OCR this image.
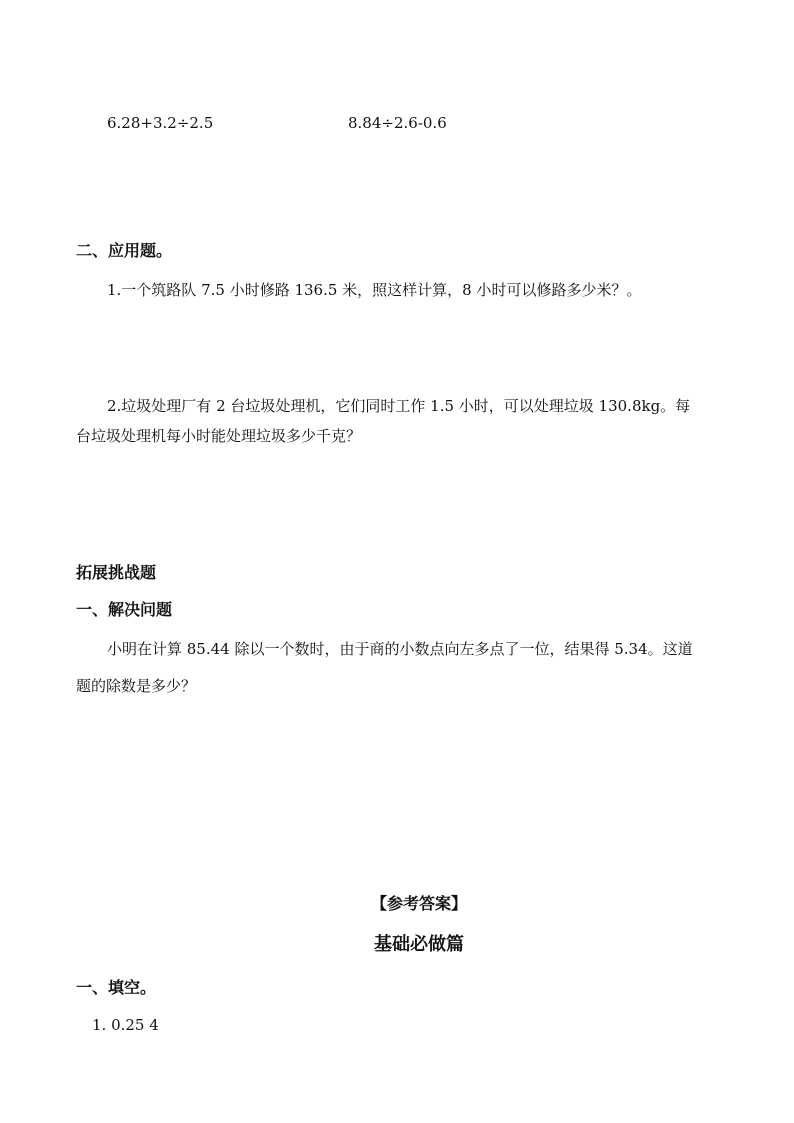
6.28+3.2÷2.5	8.84÷2.6-0.6
二、应用题。
1.一个筑路队 7.5 小时修路 136.5 米，照这样计算，8 小时可以修路多少米？。
2.垃圾处理厂有 2 台垃圾处理机，它们同时工作 1.5 小时，可以处理垃圾 130.8kg。每
台垃圾处理机每小时能处理垃圾多少千克？
拓展挑战题
一、解决问题
小明在计算 85.44 除以一个数时，由于商的小数点向左多点了一位，结果得 5.34。这道
题的除数是多少？
【参考答案】
基础必做篇
一、填空。
1. 0.25 4
